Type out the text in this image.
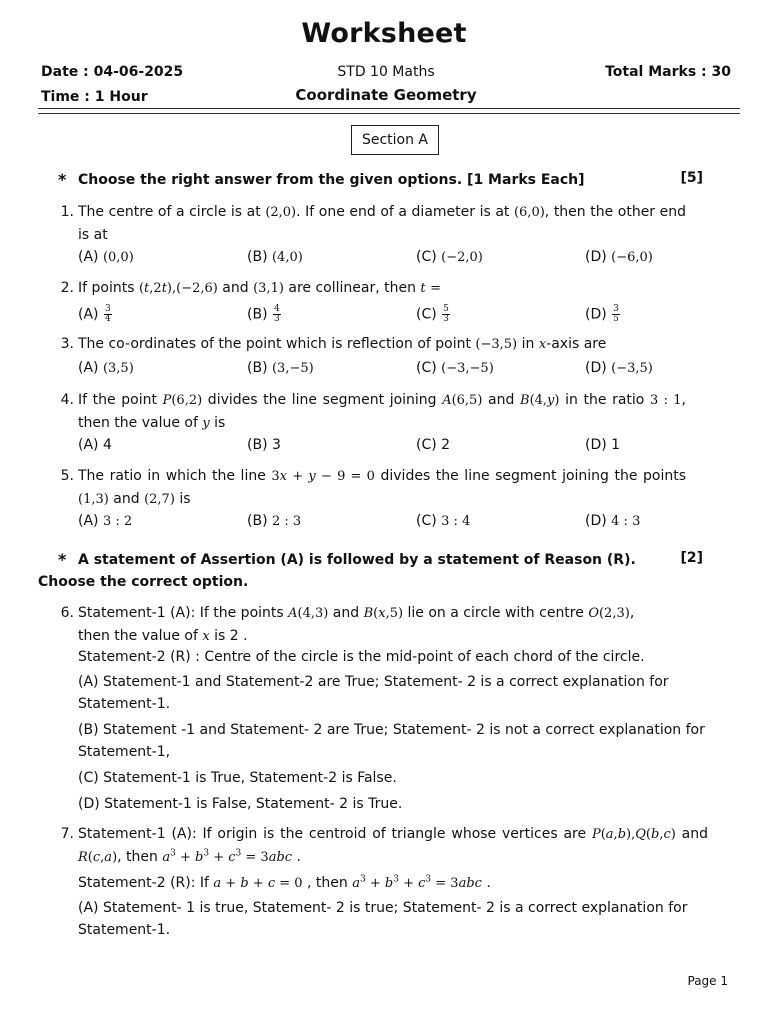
Worksheet
Date : 04-06-2025
Time : 1 Hour
STD 10 Maths
Coordinate Geometry
Total Marks : 30
Section A
* Choose the right answer from the given options. [1 Marks Each]	[5]
1. The centre of a circle is at (2,0). If one end of a diameter is at (6,0), then the other end is at
(A) (0,0)	(B) (4,0)	(C) (−2,0)	(D) (−6,0)
2. If points (t,2t),(−2,6) and (3,1) are collinear, then t =
$(A) \frac{3}{4}$	$(B) \frac{4}{3}$	$(C) \frac{5}{3}$	$(D) \frac{3}{5}$
3. The co-ordinates of the point which is reflection of point (−3,5) in x-axis are
(A) (3,5)	(B) (3,−5)	(C) (−3,−5)	(D) (−3,5)
4. If the point P(6,2) divides the line segment joining A(6,5) and B(4,y) in the ratio 3 : 1, then the value of y is
(A) 4	(B) 3	(C) 2	(D) 1
5. The ratio in which the line 3x + y − 9 = 0 divides the line segment joining the points (1,3) and (2,7) is
(A) 3 : 2	(B) 2 : 3	(C) 3 : 4	(D) 4 : 3
* A statement of Assertion (A) is followed by a statement of Reason (R).	[2]
Choose the correct option.
6. Statement-1 (A): If the points A(4,3) and B(x,5) lie on a circle with centre O(2,3),
then the value of x is 2 .
Statement-2 (R) : Centre of the circle is the mid-point of each chord of the circle.
(A) Statement-1 and Statement-2 are True; Statement- 2 is a correct explanation for Statement-1.
(B) Statement -1 and Statement- 2 are True; Statement- 2 is not a correct explanation for Statement-1,
(C) Statement-1 is True, Statement-2 is False.
(D) Statement-1 is False, Statement- 2 is True.
7. Statement-1 (A): If origin is the centroid of triangle whose vertices are P(a,b),Q(b,c) and R(c,a), then $a^3 + b^3 + c^3 = 3abc$ .
Statement-2 (R): If a + b + c = 0 , then $a^3 + b^3 + c^3 = 3abc$ .
(A) Statement- 1 is true, Statement- 2 is true; Statement- 2 is a correct explanation for Statement-1.
Page 1
